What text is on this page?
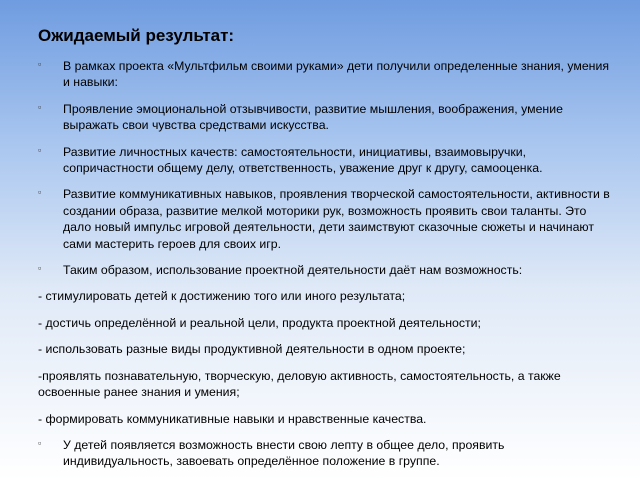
Ожидаемый результат:
▫ В рамках проекта «Мультфильм своими руками» дети получили определенные знания, умения и навыки:
▫ Проявление эмоциональной отзывчивости, развитие мышления, воображения, умение выражать свои чувства средствами искусства.
▫ Развитие личностных качеств: самостоятельности, инициативы, взаимовыручки, сопричастности общему делу, ответственность, уважение друг к другу, самооценка.
▫ Развитие коммуникативных навыков, проявления творческой самостоятельности, активности в создании образа, развитие мелкой моторики рук, возможность проявить свои таланты. Это дало новый импульс игровой деятельности, дети заимствуют сказочные сюжеты и начинают сами мастерить героев для своих игр.
▫ Таким образом, использование проектной деятельности даёт нам возможность:
- стимулировать детей к достижению того или иного результата;
- достичь определённой и реальной цели, продукта проектной деятельности;
- использовать разные виды продуктивной деятельности в одном проекте;
-проявлять познавательную, творческую, деловую активность, самостоятельность, а также освоенные ранее знания и умения;
- формировать коммуникативные навыки и нравственные качества.
▫ У детей появляется возможность внести свою лепту в общее дело, проявить индивидуальность, завоевать определённое положение в группе.
